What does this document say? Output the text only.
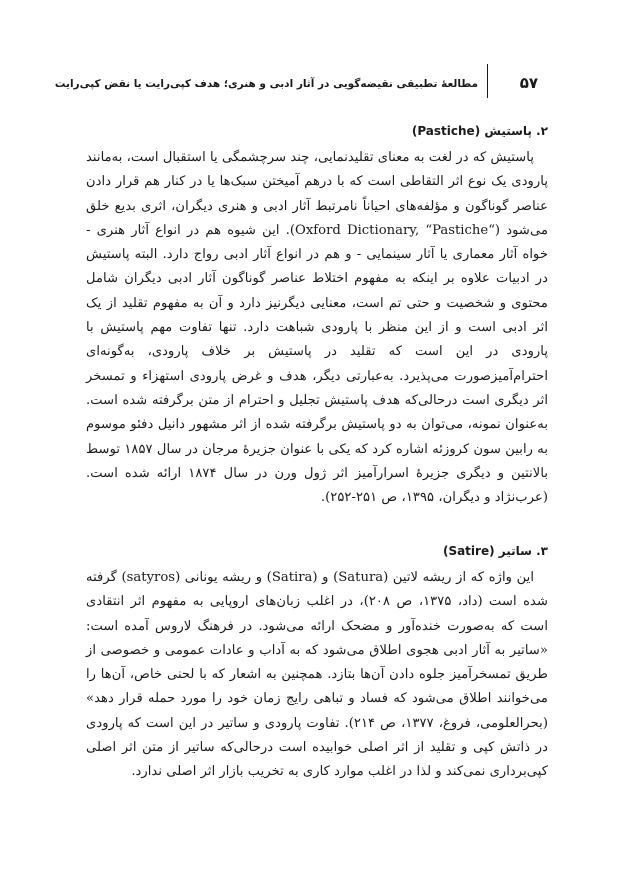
مطالعهٔ تطبیقی نقیضه‌گویی در آثار ادبی و هنری؛ هدف کپی‌رایت یا نقض کپی‌رایت	۵۷
۲. پاستیش (Pastiche)

پاستیش که در لغت به معنای تقلیدنمایی، چند سرچشمگی یا استقبال است، به‌مانند پارودی یک نوع اثر التقاطی است که با درهم آمیختن سبک‌ها یا در کنار هم قرار دادن عناصر گوناگون و مؤلفه‌های احیاناً نامرتبط آثار ادبی و هنری دیگران، اثری بدیع خلق می‌شود (“Oxford Dictionary, “Pastiche). این شیوه هم در انواع آثار هنری - خواه آثار معماری یا آثار سینمایی - و هم در انواع آثار ادبی رواج دارد. البته پاستیش در ادبیات علاوه بر اینکه به مفهوم اختلاط عناصر گوناگون آثار ادبی دیگران شامل محتوی و شخصیت و حتی تم است، معنایی دیگرنیز دارد و آن به مفهوم تقلید از یک اثر ادبی است و از این منظر با پارودی شباهت دارد. تنها تفاوت مهم پاستیش با پارودی در این است که تقلید در پاستیش بر خلاف پارودی، به‌گونه‌ای احترام‌آمیزصورت می‌پذیرد. به‌عبارتی دیگر، هدف و غرض پارودی استهزاء و تمسخر اثر دیگری است درحالی‌که هدف پاستیش تجلیل و احترام از متن برگرفته شده است. به‌عنوان نمونه، می‌توان به دو پاستیش برگرفته شده از اثر مشهور دانیل دفئو موسوم به رابین سون کروزئه اشاره کرد که یکی با عنوان جزیرهٔ مرجان در سال ۱۸۵۷ توسط بالانتین و دیگری جزیرهٔ اسرارآمیز اثر ژول ورن در سال ۱۸۷۴ ارائه شده است. (عرب‌نژاد و دیگران، ۱۳۹۵، ص ۲۵۱-۲۵۲).

۳. ساتیر (Satire)

این واژه که از ریشه لاتین (Satura) و (Satira) و ریشه یونانی (satyros) گرفته شده است (داد، ۱۳۷۵، ص ۲۰۸)، در اغلب زبان‌های اروپایی به مفهوم اثر انتقادی است که به‌صورت خنده‌آور و مضحک ارائه می‌شود. در فرهنگ لاروس آمده است: «ساتیر به آثار ادبی هجوی اطلاق می‌شود که به آداب و عادات عمومی و خصوصی از طریق تمسخرآمیز جلوه دادن آن‌ها بتازد. همچنین به اشعار که با لحنی خاص، آن‌ها را می‌خوانند اطلاق می‌شود که فساد و تباهی رایج زمان خود را مورد حمله قرار دهد» (بحرالعلومی، فروغ، ۱۳۷۷، ص ۲۱۴). تفاوت پارودی و ساتیر در این است که پارودی در ذاتش کپی و تقلید از اثر اصلی خوابیده است درحالی‌که ساتیر از متن اثر اصلی کپی‌برداری نمی‌کند و لذا در اغلب موارد کاری به تخریب بازار اثر اصلی ندارد.
